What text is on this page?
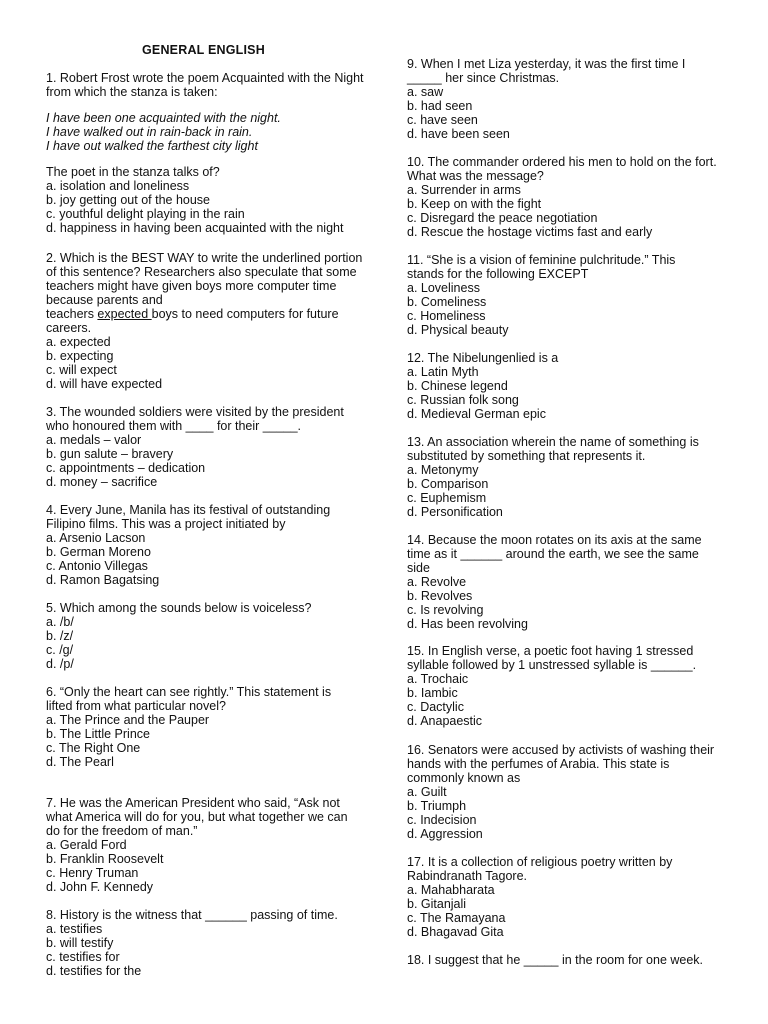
GENERAL ENGLISH

1. Robert Frost wrote the poem Acquainted with the Night from which the stanza is taken:

I have been one acquainted with the night.
I have walked out in rain-back in rain.
I have out walked the farthest city light

The poet in the stanza talks of?

a. isolation and loneliness
b. joy getting out of the house
c. youthful delight playing in the rain
d. happiness in having been acquainted with the night

2. Which is the BEST WAY to write the underlined portion of this sentence? Researchers also speculate that some teachers might have given boys more computer time because parents and

teachers expected boys to need computers for future careers.

a. expected
b. expecting
c. will expect
d. will have expected

3. The wounded soldiers were visited by the president who honoured them with ____ for their _____.

a. medals – valor
b. gun salute – bravery
c. appointments – dedication
d. money – sacrifice

4. Every June, Manila has its festival of outstanding Filipino films. This was a project initiated by

a. Arsenio Lacson
b. German Moreno
c. Antonio Villegas
d. Ramon Bagatsing

5. Which among the sounds below is voiceless?

a. /b/
b. /z/
c. /g/
d. /p/

6. “Only the heart can see rightly.” This statement is lifted from what particular novel?

a. The Prince and the Pauper
b. The Little Prince
c. The Right One
d. The Pearl

7. He was the American President who said, “Ask not what America will do for you, but what together we can do for the freedom of man.”

a. Gerald Ford
b. Franklin Roosevelt
c. Henry Truman
d. John F. Kennedy

8. History is the witness that ______ passing of time.

a. testifies
b. will testify
c. testifies for
d. testifies for the

9. When I met Liza yesterday, it was the first time I _____ her since Christmas.

a. saw
b. had seen
c. have seen
d. have been seen

10. The commander ordered his men to hold on the fort. What was the message?

a. Surrender in arms
b. Keep on with the fight
c. Disregard the peace negotiation
d. Rescue the hostage victims fast and early

11. “She is a vision of feminine pulchritude.” This stands for the following EXCEPT

a. Loveliness
b. Comeliness
c. Homeliness
d. Physical beauty

12. The Nibelungenlied is a

a. Latin Myth
b. Chinese legend
c. Russian folk song
d. Medieval German epic

13. An association wherein the name of something is substituted by something that represents it.

a. Metonymy
b. Comparison
c. Euphemism
d. Personification

14. Because the moon rotates on its axis at the same time as it ______ around the earth, we see the same side

a. Revolve
b. Revolves
c. Is revolving
d. Has been revolving

15. In English verse, a poetic foot having 1 stressed syllable followed by 1 unstressed syllable is ______.

a. Trochaic
b. Iambic
c. Dactylic
d. Anapaestic

16. Senators were accused by activists of washing their hands with the perfumes of Arabia. This state is commonly known as

a. Guilt
b. Triumph
c. Indecision
d. Aggression

17. It is a collection of religious poetry written by Rabindranath Tagore.

a. Mahabharata
b. Gitanjali
c. The Ramayana
d. Bhagavad Gita

18. I suggest that he _____ in the room for one week.
